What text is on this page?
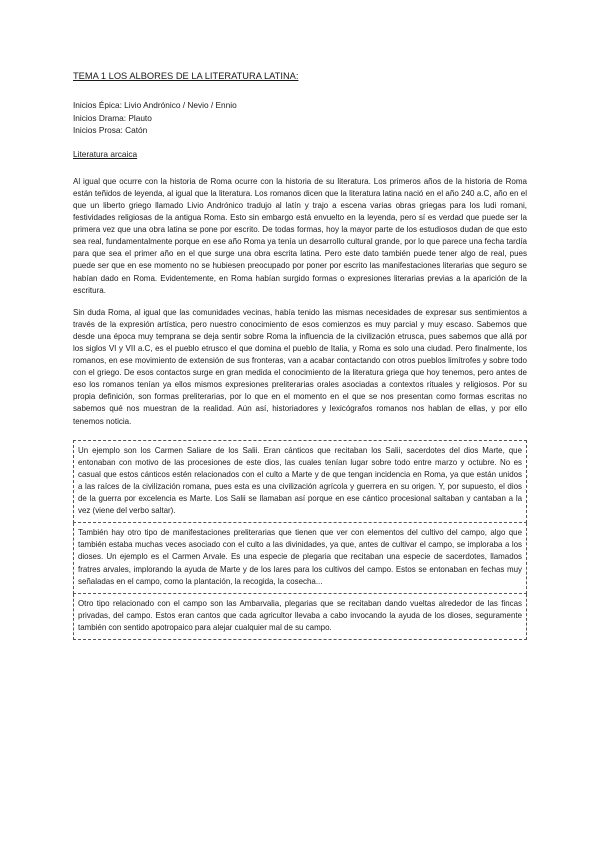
TEMA 1 LOS ALBORES DE LA LITERATURA LATINA:
Inicios Épica: Livio Andrónico / Nevio / Ennio
Inicios Drama: Plauto
Inicios Prosa: Catón
Literatura arcaica

Al igual que ocurre con la historia de Roma ocurre con la historia de su literatura. Los primeros años de la historia de Roma están teñidos de leyenda, al igual que la literatura. Los romanos dicen que la literatura latina nació en el año 240 a.C, año en el que un liberto griego llamado Livio Andrónico tradujo al latín y trajo a escena varias obras griegas para los ludi romani, festividades religiosas de la antigua Roma. Esto sin embargo está envuelto en la leyenda, pero sí es verdad que puede ser la primera vez que una obra latina se pone por escrito. De todas formas, hoy la mayor parte de los estudiosos dudan de que esto sea real, fundamentalmente porque en ese año Roma ya tenía un desarrollo cultural grande, por lo que parece una fecha tardía para que sea el primer año en el que surge una obra escrita latina. Pero este dato también puede tener algo de real, pues puede ser que en ese momento no se hubiesen preocupado por poner por escrito las manifestaciones literarias que seguro se habían dado en Roma. Evidentemente, en Roma habían surgido formas o expresiones literarias previas a la aparición de la escritura.

Sin duda Roma, al igual que las comunidades vecinas, había tenido las mismas necesidades de expresar sus sentimientos a través de la expresión artística, pero nuestro conocimiento de esos comienzos es muy parcial y muy escaso. Sabemos que desde una época muy temprana se deja sentir sobre Roma la influencia de la civilización etrusca, pues sabemos que allá por los siglos VI y VII a.C, es el pueblo etrusco el que domina el pueblo de Italia, y Roma es solo una ciudad. Pero finalmente, los romanos, en ese movimiento de extensión de sus fronteras, van a acabar contactando con otros pueblos limítrofes y sobre todo con el griego. De esos contactos surge en gran medida el conocimiento de la literatura griega que hoy tenemos, pero antes de eso los romanos tenían ya ellos mismos expresiones preliterarias orales asociadas a contextos rituales y religiosos. Por su propia definición, son formas preliterarias, por lo que en el momento en el que se nos presentan como formas escritas no sabemos qué nos muestran de la realidad. Aún así, historiadores y lexicógrafos romanos nos hablan de ellas, y por ello tenemos noticia.

Un ejemplo son los Carmen Saliare de los Salii. Eran cánticos que recitaban los Salii, sacerdotes del dios Marte, que entonaban con motivo de las procesiones de este dios, las cuales tenían lugar sobre todo entre marzo y octubre. No es casual que estos cánticos estén relacionados con el culto a Marte y de que tengan incidencia en Roma, ya que están unidos a las raíces de la civilización romana, pues esta es una civilización agrícola y guerrera en su origen. Y, por supuesto, el dios de la guerra por excelencia es Marte. Los Salii se llamaban así porque en ese cántico procesional saltaban y cantaban a la vez (viene del verbo saltar).
También hay otro tipo de manifestaciones preliterarias que tienen que ver con elementos del cultivo del campo, algo que también estaba muchas veces asociado con el culto a las divinidades, ya que, antes de cultivar el campo, se imploraba a los dioses. Un ejemplo es el Carmen Arvale. Es una especie de plegaria que recitaban una especie de sacerdotes, llamados fratres arvales, implorando la ayuda de Marte y de los lares para los cultivos del campo. Estos se entonaban en fechas muy señaladas en el campo, como la plantación, la recogida, la cosecha...
Otro tipo relacionado con el campo son las Ambarvalia, plegarias que se recitaban dando vueltas alrededor de las fincas privadas, del campo. Estos eran cantos que cada agricultor llevaba a cabo invocando la ayuda de los dioses, seguramente también con sentido apotropaico para alejar cualquier mal de su campo.
